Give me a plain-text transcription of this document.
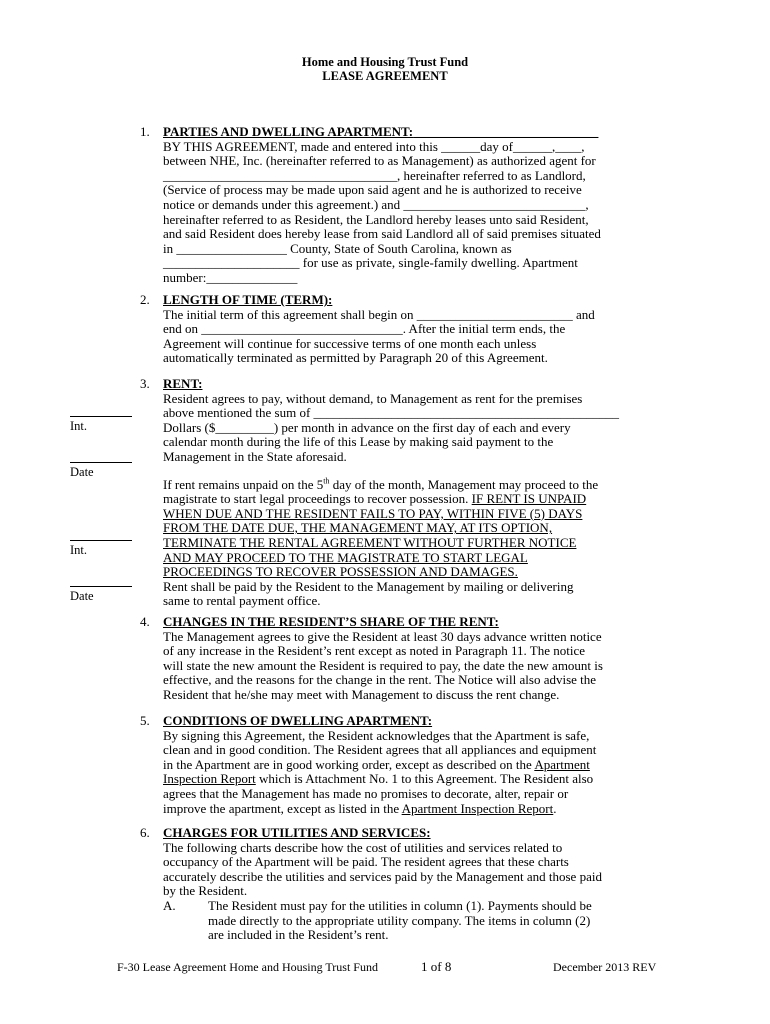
Home and Housing Trust Fund
LEASE AGREEMENT
1.	PARTIES AND DWELLING APARTMENT: ____________________________
BY THIS AGREEMENT, made and entered into this ______day of______,____,
between NHE, Inc. (hereinafter referred to as Management) as authorized agent for
____________________________________, hereinafter referred to as Landlord,
(Service of process may be made upon said agent and he is authorized to receive
notice or demands under this agreement.) and ____________________________,
hereinafter referred to as Resident, the Landlord hereby leases unto said Resident,
and said Resident does hereby lease from said Landlord all of said premises situated
in _________________ County, State of South Carolina, known as
_____________________ for use as private, single-family dwelling. Apartment
number:______________
2.	LENGTH OF TIME (TERM):
The initial term of this agreement shall begin on ________________________ and
end on _______________________________. After the initial term ends, the
Agreement will continue for successive terms of one month each unless
automatically terminated as permitted by Paragraph 20 of this Agreement.
3.	RENT:
Resident agrees to pay, without demand, to Management as rent for the premises
above mentioned the sum of _______________________________________________
Dollars ($_________) per month in advance on the first day of each and every
calendar month during the life of this Lease by making said payment to the
Management in the State aforesaid.
If rent remains unpaid on the 5th day of the month, Management may proceed to the
magistrate to start legal proceedings to recover possession. IF RENT IS UNPAID
WHEN DUE AND THE RESIDENT FAILS TO PAY, WITHIN FIVE (5) DAYS
FROM THE DATE DUE, THE MANAGEMENT MAY, AT ITS OPTION,
TERMINATE THE RENTAL AGREEMENT WITHOUT FURTHER NOTICE
AND MAY PROCEED TO THE MAGISTRATE TO START LEGAL
PROCEEDINGS TO RECOVER POSSESSION AND DAMAGES.
Rent shall be paid by the Resident to the Management by mailing or delivering
same to rental payment office.
Int.
Date
Int.
Date
4.	CHANGES IN THE RESIDENT’S SHARE OF THE RENT:
The Management agrees to give the Resident at least 30 days advance written notice
of any increase in the Resident’s rent except as noted in Paragraph 11. The notice
will state the new amount the Resident is required to pay, the date the new amount is
effective, and the reasons for the change in the rent. The Notice will also advise the
Resident that he/she may meet with Management to discuss the rent change.
5.	CONDITIONS OF DWELLING APARTMENT:
By signing this Agreement, the Resident acknowledges that the Apartment is safe,
clean and in good condition. The Resident agrees that all appliances and equipment
in the Apartment are in good working order, except as described on the Apartment
Inspection Report which is Attachment No. 1 to this Agreement. The Resident also
agrees that the Management has made no promises to decorate, alter, repair or
improve the apartment, except as listed in the Apartment Inspection Report.
6.	CHARGES FOR UTILITIES AND SERVICES:
The following charts describe how the cost of utilities and services related to
occupancy of the Apartment will be paid. The resident agrees that these charts
accurately describe the utilities and services paid by the Management and those paid
by the Resident.
A. The Resident must pay for the utilities in column (1). Payments should be
made directly to the appropriate utility company. The items in column (2)
are included in the Resident’s rent.
F-30 Lease Agreement Home and Housing Trust Fund	1 of 8	December 2013 REV
